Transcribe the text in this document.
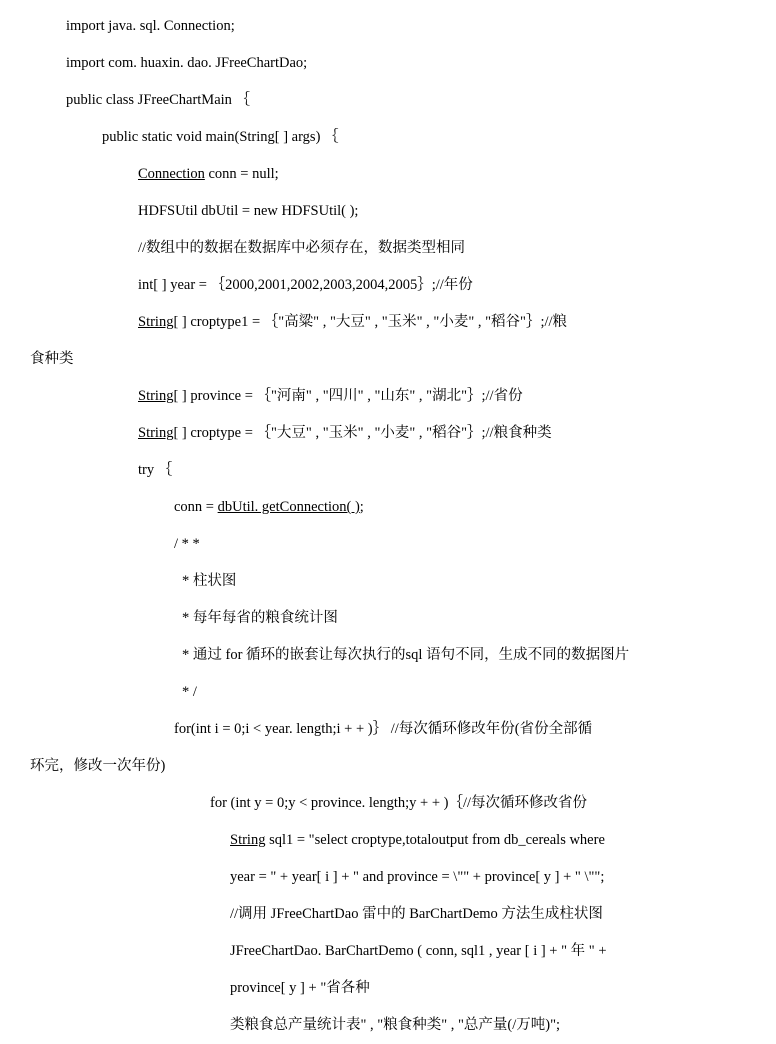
import java. sql. Connection;
import com. huaxin. dao. JFreeChartDao;
public class JFreeChartMain ｛
public static void main(String[ ] args) ｛
Connection conn = null;
HDFSUtil dbUtil = new HDFSUtil( );
//数组中的数据在数据库中必须存在，数据类型相同
int[ ] year = ｛2000,2001,2002,2003,2004,2005｝;//年份
String[ ] croptype1 = ｛"高粱" , "大豆" , "玉米" , "小麦" , "稻谷"｝;//粮
食种类
String[ ] province = ｛"河南" , "四川" , "山东" , "湖北"｝;//省份
String[ ] croptype = ｛"大豆" , "玉米" , "小麦" , "稻谷"｝;//粮食种类
try ｛
conn = dbUtil. getConnection( );
/ * *
* 柱状图
* 每年每省的粮食统计图
* 通过 for 循环的嵌套让每次执行的sql 语句不同，生成不同的数据图片
* /
for(int i = 0;i < year. length;i + + )｝ //每次循环修改年份(省份全部循
环完，修改一次年份)
for (int y = 0;y < province. length;y + + )｛//每次循环修改省份
String sql1 = "select croptype,totaloutput from db_cereals where
year = " + year[ i ] + " and province = \"" + province[ y ] + " \"";
//调用 JFreeChartDao 雷中的 BarChartDemo 方法生成柱状图
JFreeChartDao. BarChartDemo ( conn, sql1 , year [ i ] + " 年 " +
province[ y ] + "省各种
类粮食总产量统计表" , "粮食种类" , "总产量(/万吨)";
